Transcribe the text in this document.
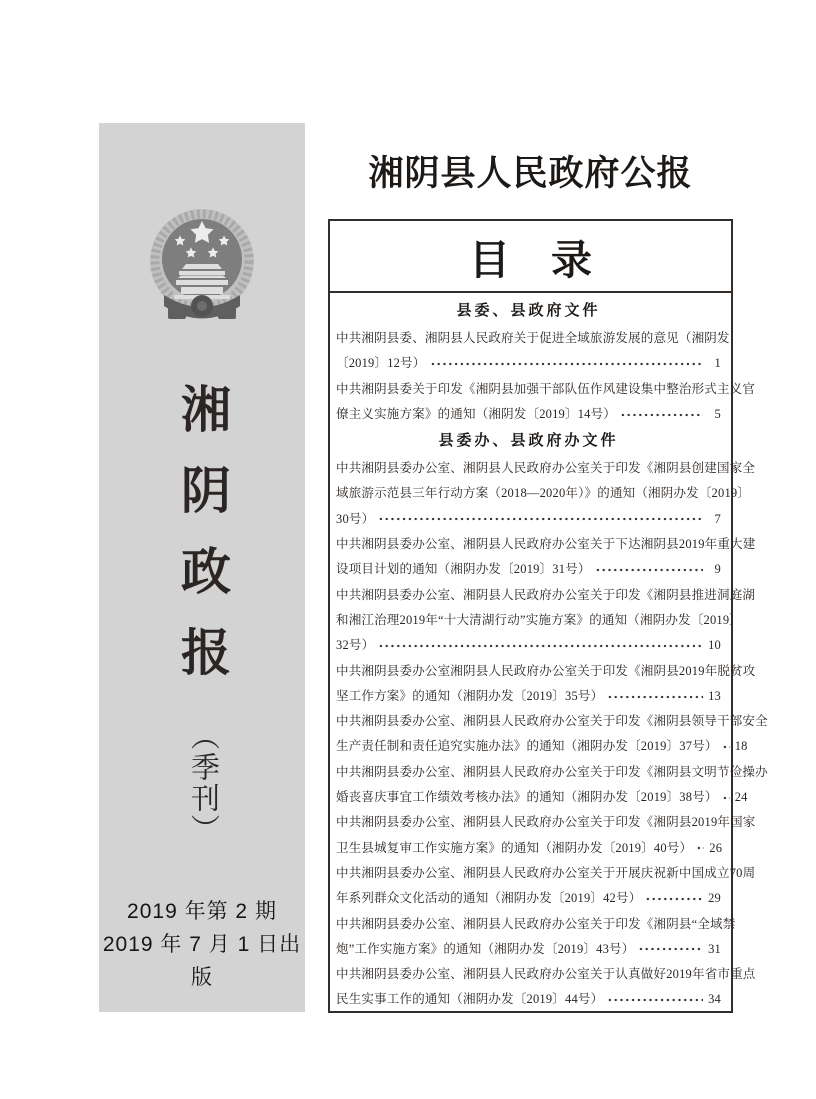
湘阴政报
（季刊）
2019 年第 2 期
2019 年 7 月 1 日出版
湘阴县人民政府公报
目　录
县委、县政府文件
中共湘阴县委、湘阴县人民政府关于促进全域旅游发展的意见（湘阴发
〔2019〕12号）	1
中共湘阴县委关于印发《湘阴县加强干部队伍作风建设集中整治形式主义官
僚主义实施方案》的通知（湘阴发〔2019〕14号）	5
县委办、县政府办文件
中共湘阴县委办公室、湘阴县人民政府办公室关于印发《湘阴县创建国家全
域旅游示范县三年行动方案（2018—2020年）》的通知（湘阴办发〔2019〕
30号）	7
中共湘阴县委办公室、湘阴县人民政府办公室关于下达湘阴县2019年重大建
设项目计划的通知（湘阴办发〔2019〕31号）	9
中共湘阴县委办公室、湘阴县人民政府办公室关于印发《湘阴县推进洞庭湖
和湘江治理2019年“十大清湖行动”实施方案》的通知（湘阴办发〔2019〕
32号）	10
中共湘阴县委办公室湘阴县人民政府办公室关于印发《湘阴县2019年脱贫攻
坚工作方案》的通知（湘阴办发〔2019〕35号）	13
中共湘阴县委办公室、湘阴县人民政府办公室关于印发《湘阴县领导干部安全
生产责任制和责任追究实施办法》的通知（湘阴办发〔2019〕37号） 18
中共湘阴县委办公室、湘阴县人民政府办公室关于印发《湘阴县文明节俭操办
婚丧喜庆事宜工作绩效考核办法》的通知（湘阴办发〔2019〕38号） 24
中共湘阴县委办公室、湘阴县人民政府办公室关于印发《湘阴县2019年国家
卫生县城复审工作实施方案》的通知（湘阴办发〔2019〕40号） 26
中共湘阴县委办公室、湘阴县人民政府办公室关于开展庆祝新中国成立70周
年系列群众文化活动的通知（湘阴办发〔2019〕42号）	29
中共湘阴县委办公室、湘阴县人民政府办公室关于印发《湘阴县“全域禁
炮”工作实施方案》的通知（湘阴办发〔2019〕43号）	31
中共湘阴县委办公室、湘阴县人民政府办公室关于认真做好2019年省市重点
民生实事工作的通知（湘阴办发〔2019〕44号）	34
